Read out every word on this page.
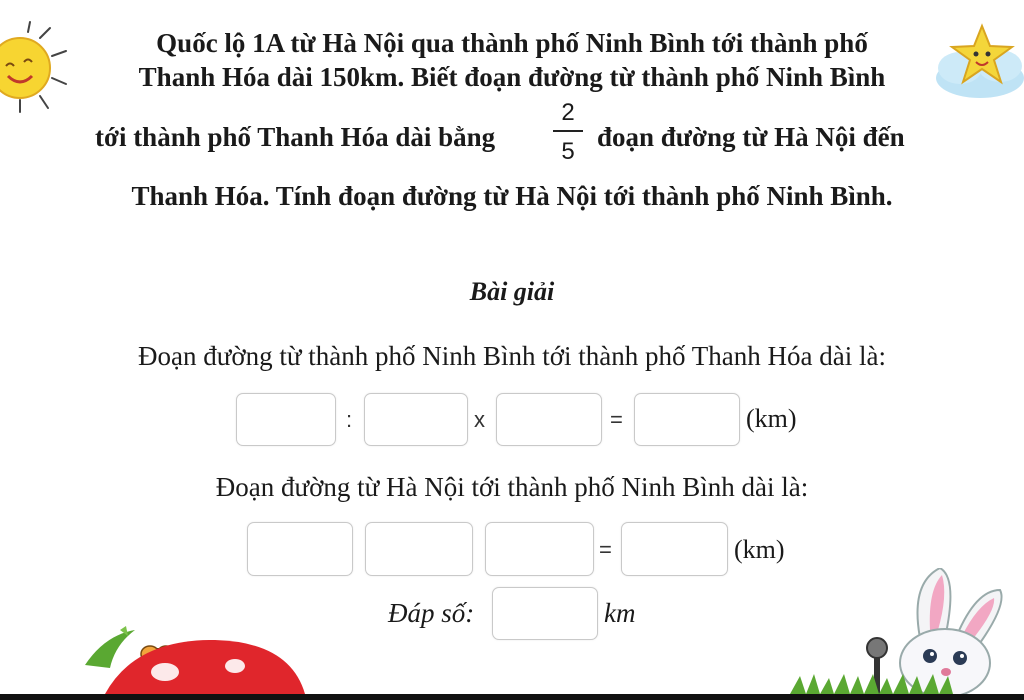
Quốc lộ 1A từ Hà Nội qua thành phố Ninh Bình tới thành phố
Thanh Hóa dài 150km. Biết đoạn đường từ thành phố Ninh Bình
tới thành phố Thanh Hóa dài bằng
2
5 đoạn đường từ Hà Nội đến
Thanh Hóa. Tính đoạn đường từ Hà Nội tới thành phố Ninh Bình.
Bài giải
Đoạn đường từ thành phố Ninh Bình tới thành phố Thanh Hóa dài là:
:	x	=	(km)
Đoạn đường từ Hà Nội tới thành phố Ninh Bình dài là:
=	(km)
Đáp số:	km
